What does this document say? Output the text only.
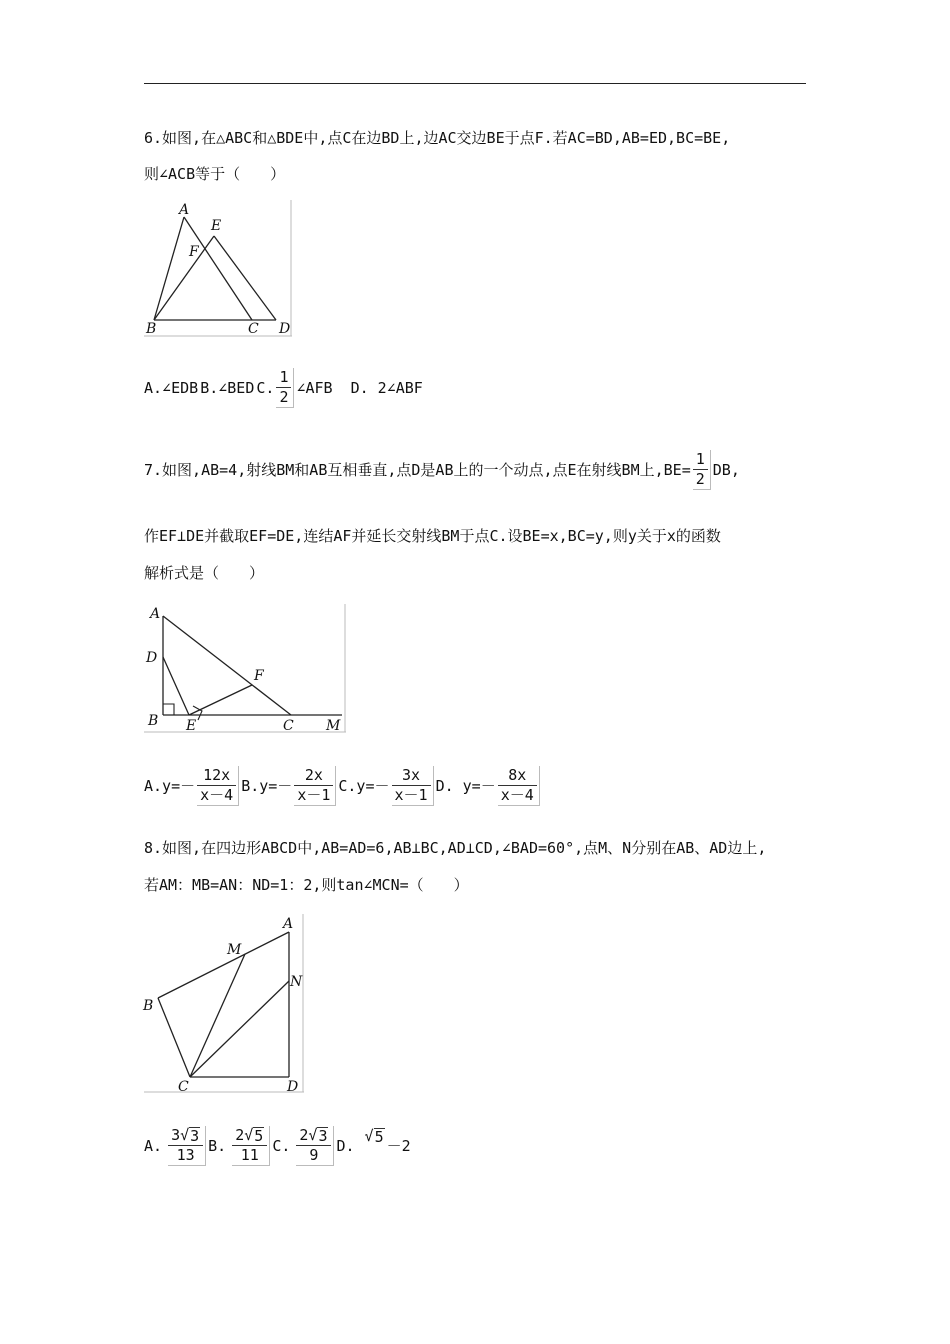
6.如图,在△ABC和△BDE中,点C在边BD上,边AC交边BE于点F.若AC=BD,AB=ED,BC=BE,
则∠ACB等于（　　）
A
E
F
B	C D
A.∠EDB B.∠BED C. $\frac{1}{2}$ ∠AFB D. 2∠ABF
7.如图,AB=4,射线BM和AB互相垂直,点D是AB上的一个动点,点E在射线BM上$,BE= \frac{1}{2}$ DB,
作EF⊥DE并截取EF=DE,连结AF并延长交射线BM于点C.设BE=x,BC=y,则y关于x的函数
解析式是（　　）
A
D
F
B E	C M
$A.y=- \frac{12x}{x-4} B.y=- \frac{2x}{x-1} C.y=- \frac{3x}{x-1} D$. $y=- \frac{8x}{x-4}$
8.如图,在四边形ABCD中,AB=AD=6,AB⊥BC,AD⊥CD,∠BAD=60°,点M、N分别在AB、AD边上,
若AM：MB=AN：ND=1：2,则tan∠MCN=（　　）
A
M
N
B
C	D
A. $\frac{3 √ 3}{13} B$. $\frac{2 √ 5}{11} C$. $\frac{2 √ 3}{9} D$.
√ 5
－2
